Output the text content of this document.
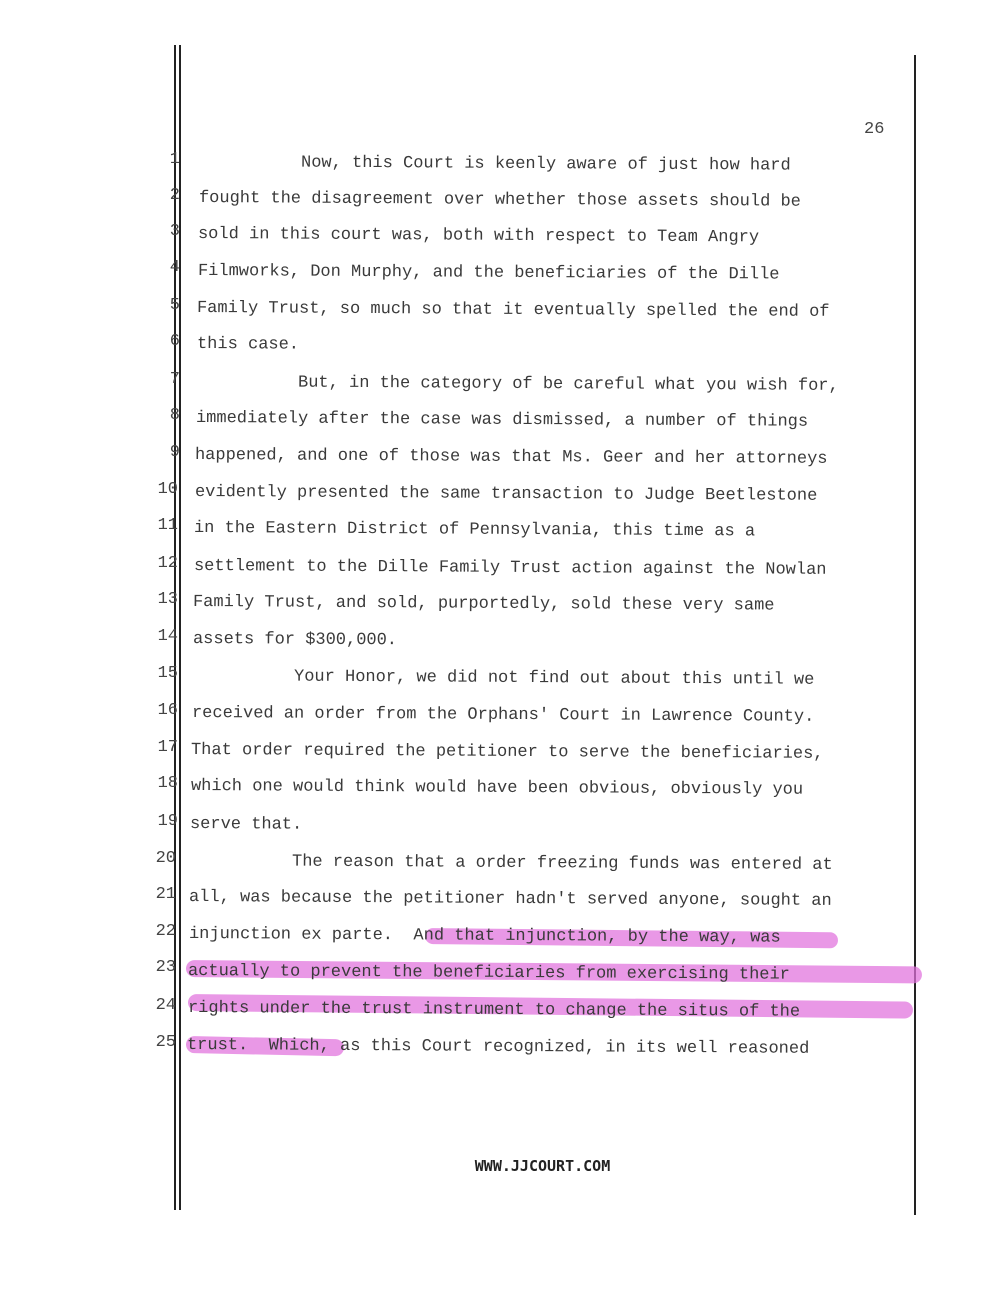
26
1
2
3
4
5
6
7
8
9
10
11
12
13
14
15
16
17
18
19
20
21
22
23
24
25
Now, this Court is keenly aware of just how hard
fought the disagreement over whether those assets should be
sold in this court was, both with respect to Team Angry
Filmworks, Don Murphy, and the beneficiaries of the Dille
Family Trust, so much so that it eventually spelled the end of
this case.
But, in the category of be careful what you wish for,
immediately after the case was dismissed, a number of things
happened, and one of those was that Ms. Geer and her attorneys
evidently presented the same transaction to Judge Beetlestone
in the Eastern District of Pennsylvania, this time as a
settlement to the Dille Family Trust action against the Nowlan
Family Trust, and sold, purportedly, sold these very same
assets for $300,000.
Your Honor, we did not find out about this until we
received an order from the Orphans' Court in Lawrence County.
That order required the petitioner to serve the beneficiaries,
which one would think would have been obvious, obviously you
serve that.
The reason that a order freezing funds was entered at
all, was because the petitioner hadn't served anyone, sought an
injunction ex parte.  And that injunction, by the way, was
actually to prevent the beneficiaries from exercising their
rights under the trust instrument to change the situs of the
trust.  Which, as this Court recognized, in its well reasoned
WWW.JJCOURT.COM
